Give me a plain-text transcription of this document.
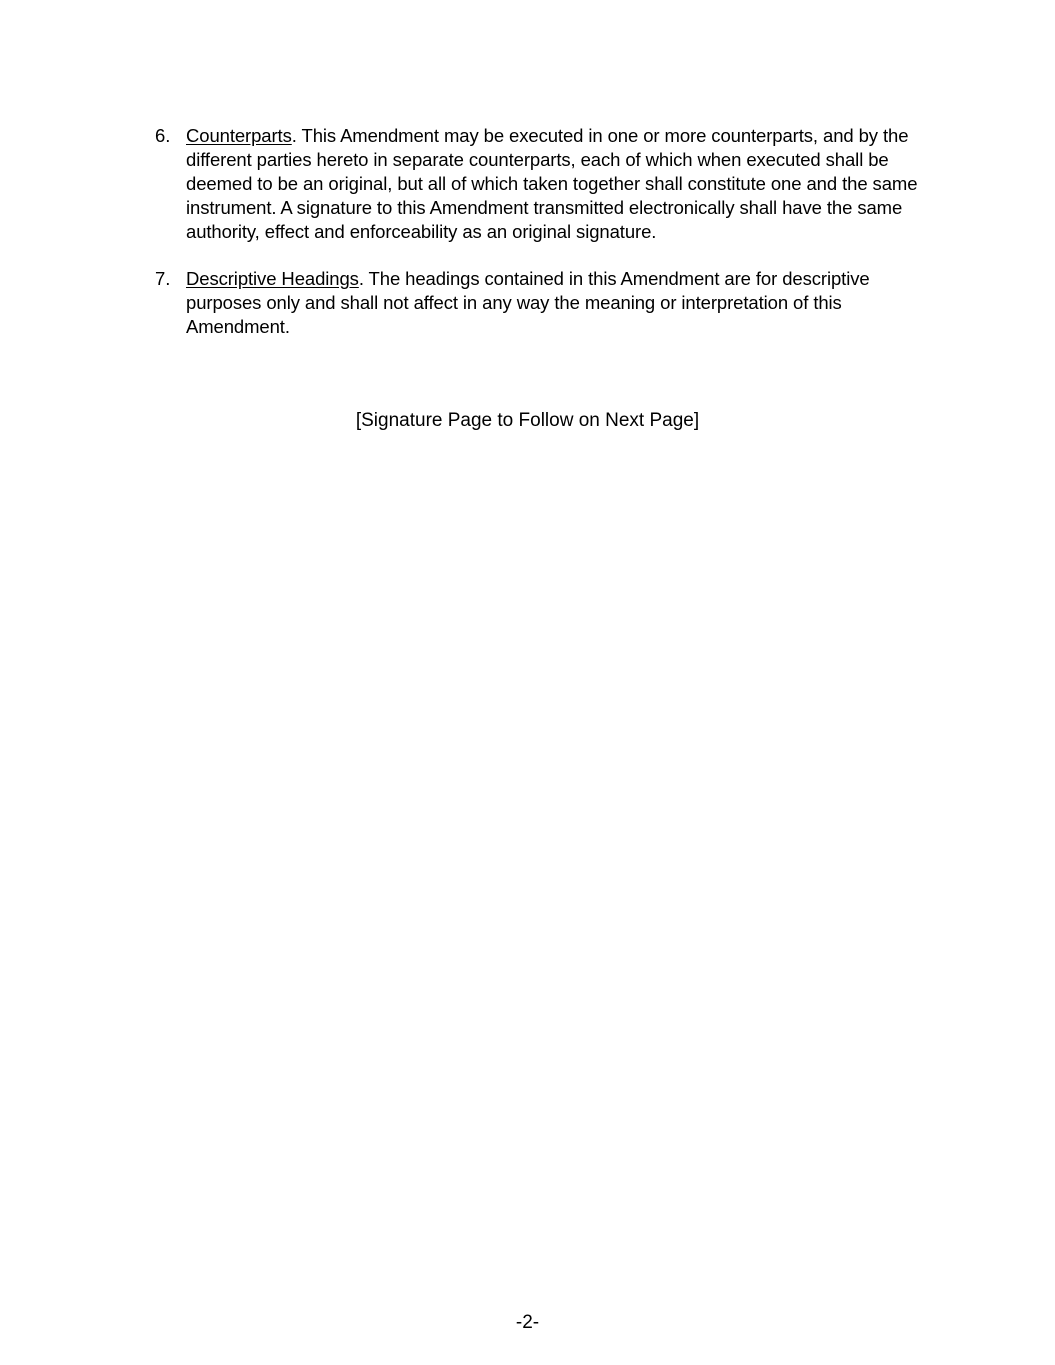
6. Counterparts. This Amendment may be executed in one or more counterparts, and by the different parties hereto in separate counterparts, each of which when executed shall be deemed to be an original, but all of which taken together shall constitute one and the same instrument. A signature to this Amendment transmitted electronically shall have the same authority, effect and enforceability as an original signature.
7. Descriptive Headings. The headings contained in this Amendment are for descriptive purposes only and shall not affect in any way the meaning or interpretation of this Amendment.
[Signature Page to Follow on Next Page]
-2-
